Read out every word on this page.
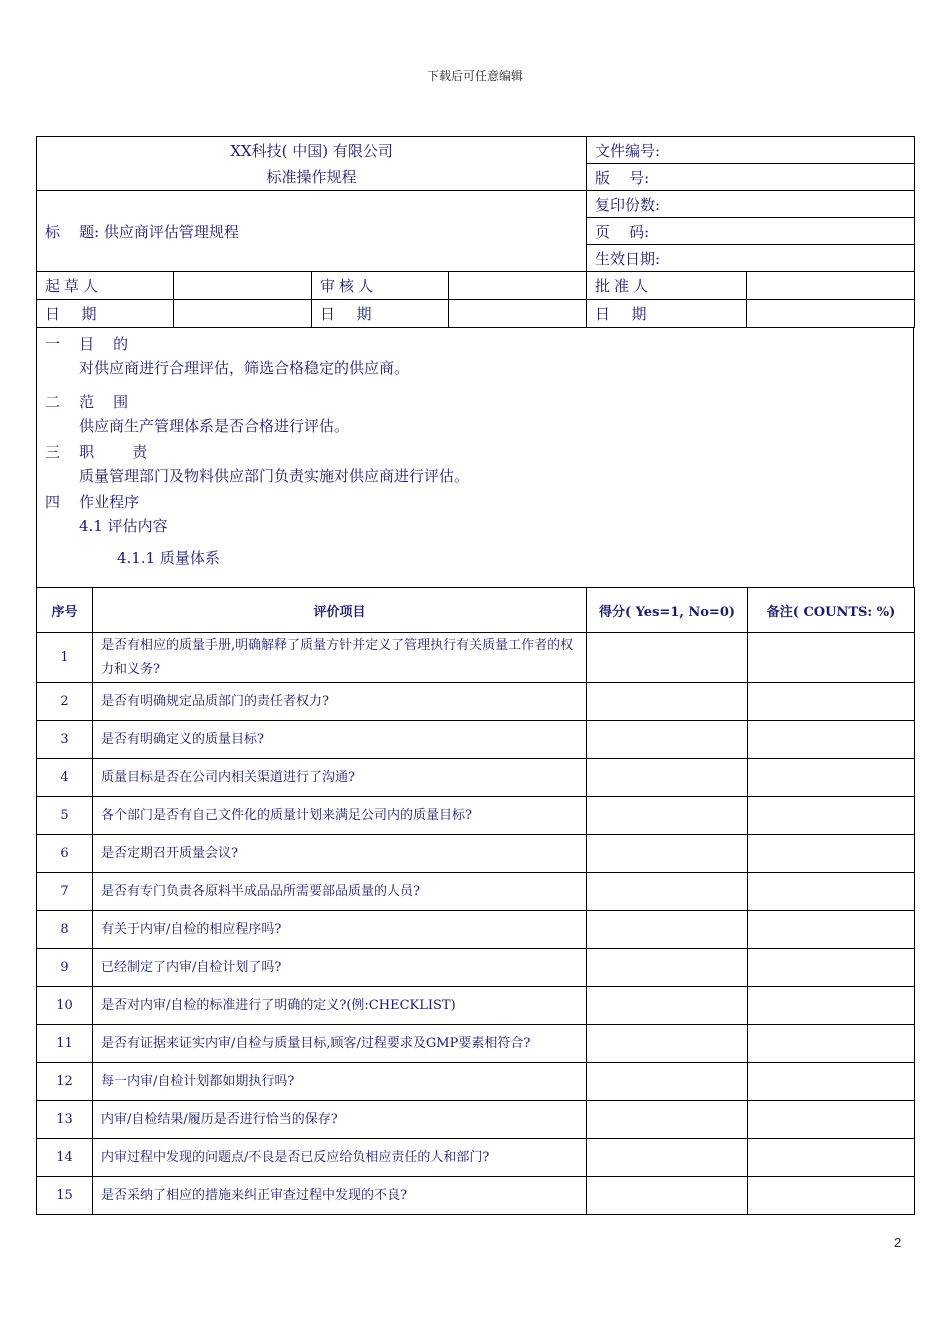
下载后可任意编辑
XX科技( 中国) 有限公司
标准操作规程	文件编号:
	版    号:
标    题: 供应商评估管理规程	复印份数:
	页    码:
	生效日期:
起草人		审核人		批准人	
日  期		日  期		日  期	
一    目    的
对供应商进行合理评估，筛选合格稳定的供应商。
二    范    围
供应商生产管理体系是否合格进行评估。
三    职        责
质量管理部门及物料供应部门负责实施对供应商进行评估。
四    作业程序
4.1 评估内容
4.1.1 质量体系
序号	评价项目	得分( Yes=1, No=0)	备注( COUNTS: %)
1	是否有相应的质量手册,明确解释了质量方针并定义了管理执行有关质量工作者的权力和义务?		
2	是否有明确规定品质部门的责任者权力?		
3	是否有明确定义的质量目标?		
4	质量目标是否在公司内相关渠道进行了沟通?		
5	各个部门是否有自己文件化的质量计划来满足公司内的质量目标?		
6	是否定期召开质量会议?		
7	是否有专门负责各原料半成品品所需要部品质量的人员?		
8	有关于内审/自检的相应程序吗?		
9	已经制定了内审/自检计划了吗?		
10	是否对内审/自检的标准进行了明确的定义?(例:CHECKLIST)		
11	是否有证据来证实内审/自检与质量目标,顾客/过程要求及GMP要素相符合?		
12	每一内审/自检计划都如期执行吗?		
13	内审/自检结果/履历是否进行恰当的保存?		
14	内审过程中发现的问题点/不良是否已反应给负相应责任的人和部门?		
15	是否采纳了相应的措施来纠正审查过程中发现的不良?		
2
